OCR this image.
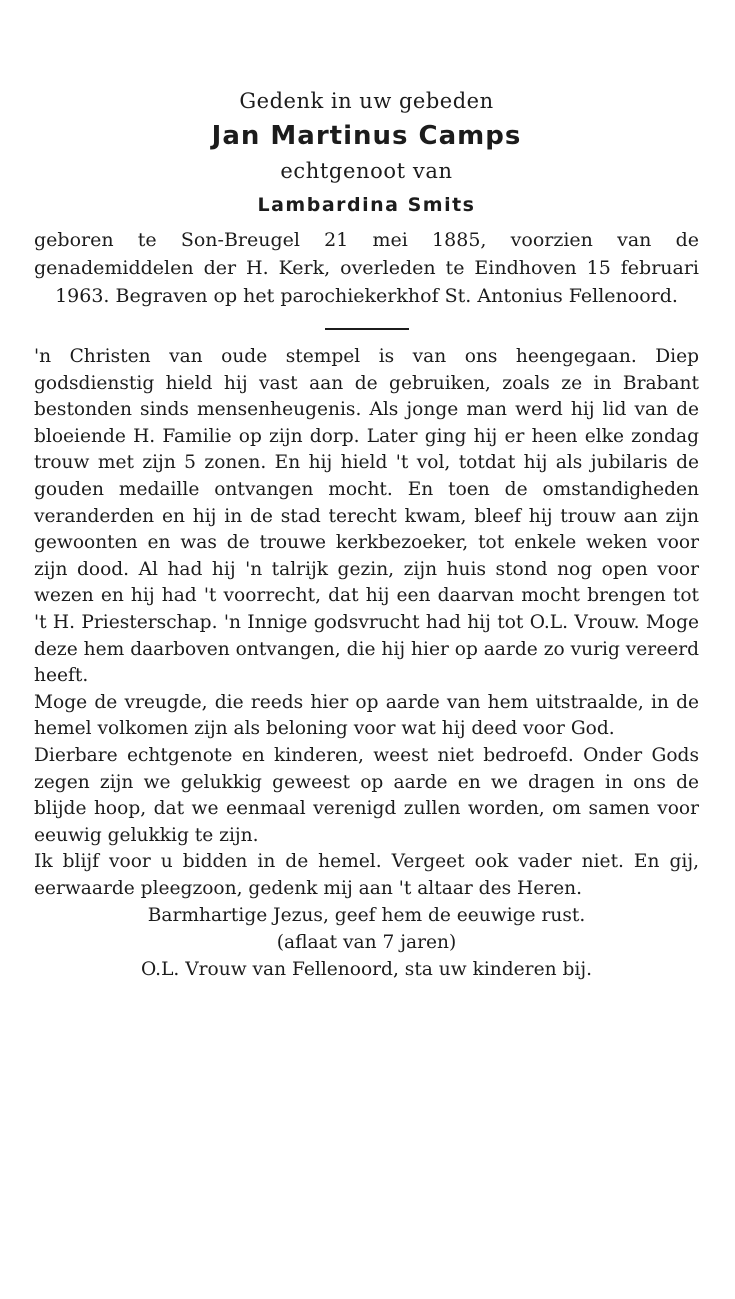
Gedenk in uw gebeden

Jan Martinus Camps

echtgenoot van

Lambardina Smits

geboren te Son-Breugel 21 mei 1885, voorzien van de genademiddelen der H. Kerk, overleden te Eindhoven 15 februari 1963. Begraven op het parochiekerkhof St. Antonius Fellenoord.

'n Christen van oude stempel is van ons heengegaan. Diep godsdienstig hield hij vast aan de gebruiken, zoals ze in Brabant bestonden sinds mensenheugenis. Als jonge man werd hij lid van de bloeiende H. Familie op zijn dorp. Later ging hij er heen elke zondag trouw met zijn 5 zonen. En hij hield 't vol, totdat hij als jubilaris de gouden medaille ontvangen mocht. En toen de omstandigheden veranderden en hij in de stad terecht kwam, bleef hij trouw aan zijn gewoonten en was de trouwe kerkbezoeker, tot enkele weken voor zijn dood. Al had hij 'n talrijk gezin, zijn huis stond nog open voor wezen en hij had 't voorrecht, dat hij een daarvan mocht brengen tot 't H. Priesterschap. 'n Innige godsvrucht had hij tot O.L. Vrouw. Moge deze hem daarboven ontvangen, die hij hier op aarde zo vurig vereerd heeft.

Moge de vreugde, die reeds hier op aarde van hem uitstraalde, in de hemel volkomen zijn als beloning voor wat hij deed voor God.

Dierbare echtgenote en kinderen, weest niet bedroefd. Onder Gods zegen zijn we gelukkig geweest op aarde en we dragen in ons de blijde hoop, dat we eenmaal verenigd zullen worden, om samen voor eeuwig gelukkig te zijn.

Ik blijf voor u bidden in de hemel. Vergeet ook vader niet. En gij, eerwaarde pleegzoon, gedenk mij aan 't altaar des Heren.

Barmhartige Jezus, geef hem de eeuwige rust.

(aflaat van 7 jaren)

O.L. Vrouw van Fellenoord, sta uw kinderen bij.
